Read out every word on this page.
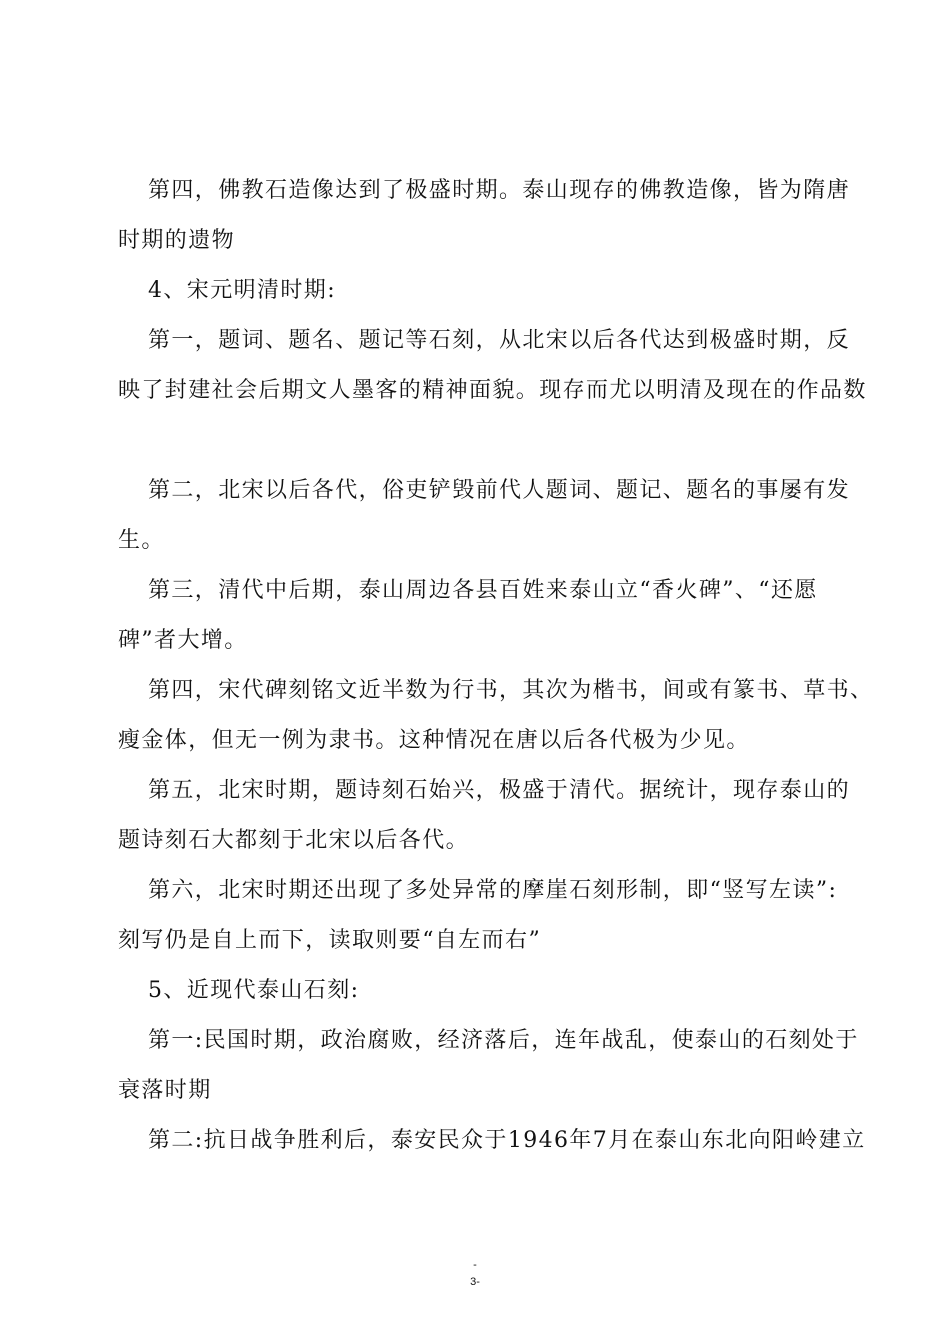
第四，佛教石造像达到了极盛时期。泰山现存的佛教造像，皆为隋唐
时期的遗物
4、宋元明清时期:
第一，题词、题名、题记等石刻，从北宋以后各代达到极盛时期，反
映了封建社会后期文人墨客的精神面貌。现存而尤以明清及现在的作品数
第二，北宋以后各代，俗吏铲毁前代人题词、题记、题名的事屡有发
生。
第三，清代中后期，泰山周边各县百姓来泰山立“香火碑”、“还愿
碑”者大增。
第四，宋代碑刻铭文近半数为行书，其次为楷书，间或有篆书、草书、
瘦金体，但无一例为隶书。这种情况在唐以后各代极为少见。
第五，北宋时期，题诗刻石始兴，极盛于清代。据统计，现存泰山的
题诗刻石大都刻于北宋以后各代。
第六，北宋时期还出现了多处异常的摩崖石刻形制，即“竖写左读”:
刻写仍是自上而下，读取则要“自左而右”
5、近现代泰山石刻:
第一:民国时期，政治腐败，经济落后，连年战乱，使泰山的石刻处于
衰落时期
第二:抗日战争胜利后，泰安民众于1946年7月在泰山东北向阳岭建立
-
3-
